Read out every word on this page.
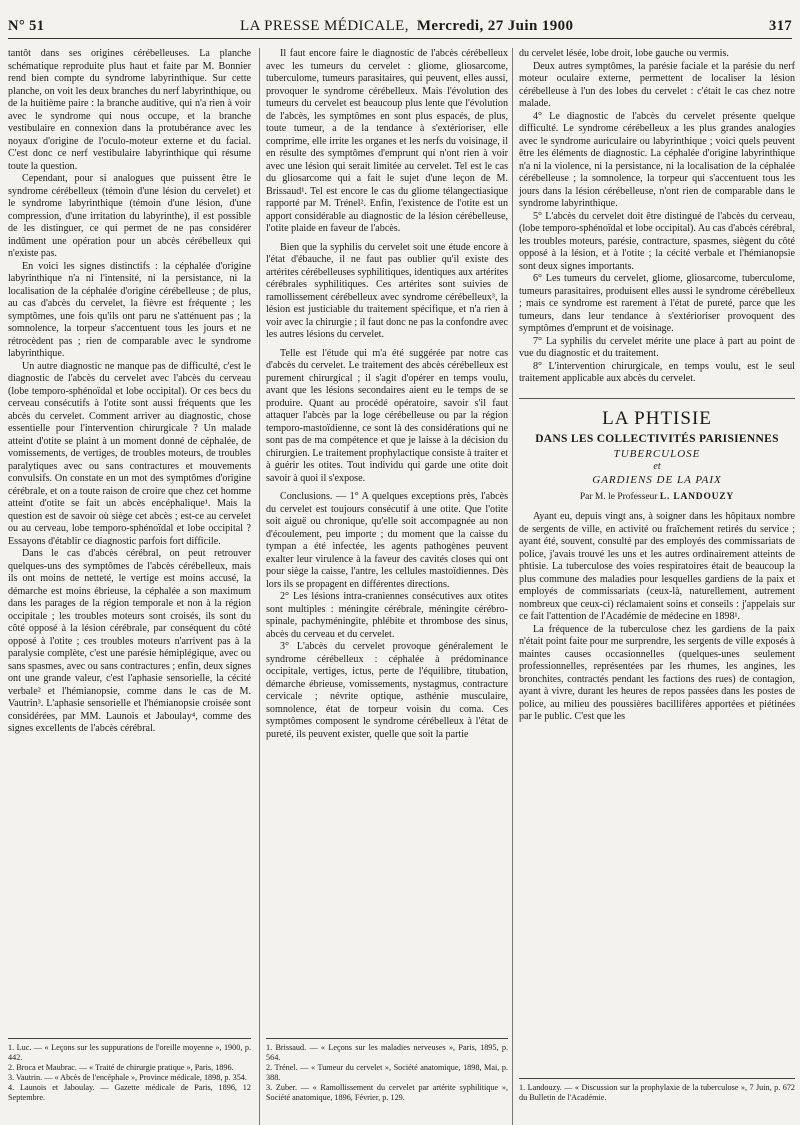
N° 51	LA PRESSE MÉDICALE, Mercredi, 27 Juin 1900	317

tantôt dans ses origines cérébelleuses. La planche schématique reproduite plus haut et faite par M. Bonnier rend bien compte du syndrome labyrinthique. Sur cette planche, on voit les deux branches du nerf labyrinthique, ou de la huitième paire : la branche auditive, qui n'a rien à voir avec le syndrome qui nous occupe, et la branche vestibulaire en connexion dans la protubérance avec les noyaux d'origine de l'oculo-moteur externe et du facial. C'est donc ce nerf vestibulaire labyrinthique qui résume toute la question.

Cependant, pour si analogues que puissent être le syndrome cérébelleux (témoin d'une lésion du cervelet) et le syndrome labyrinthique (témoin d'une lésion, d'une compression, d'une irritation du labyrinthe), il est possible de les distinguer, ce qui permet de ne pas considérer indûment une opération pour un abcès cérébelleux qui n'existe pas.

En voici les signes distinctifs : la céphalée d'origine labyrinthique n'a ni l'intensité, ni la persistance, ni la localisation de la céphalée d'origine cérébelleuse ; de plus, au cas d'abcès du cervelet, la fièvre est fréquente ; les symptômes, une fois qu'ils ont paru ne s'atténuent pas ; la somnolence, la torpeur s'accentuent tous les jours et ne rétrocèdent pas ; rien de comparable avec le syndrome labyrinthique.

Un autre diagnostic ne manque pas de difficulté, c'est le diagnostic de l'abcès du cervelet avec l'abcès du cerveau (lobe temporo-sphénoïdal et lobe occipital). Or ces becs du cerveau consécutifs à l'otite sont aussi fréquents que les abcès du cervelet. Comment arriver au diagnostic, chose essentielle pour l'intervention chirurgicale ? Un malade atteint d'otite se plaint à un moment donné de céphalée, de vomissements, de vertiges, de troubles moteurs, de troubles paralytiques avec ou sans contractures et mouvements convulsifs. On constate en un mot des symptômes d'origine cérébrale, et on a toute raison de croire que chez cet homme atteint d'otite se fait un abcès encéphalique¹. Mais la question est de savoir où siège cet abcès ; est-ce au cervelet ou au cerveau, lobe temporo-sphénoïdal et lobe occipital ? Essayons d'établir ce diagnostic parfois fort difficile.

Dans le cas d'abcès cérébral, on peut retrouver quelques-uns des symptômes de l'abcès cérébelleux, mais ils ont moins de netteté, le vertige est moins accusé, la démarche est moins ébrieuse, la céphalée a son maximum dans les parages de la région temporale et non à la région occipitale ; les troubles moteurs sont croisés, ils sont du côté opposé à la lésion cérébrale, par conséquent du côté opposé à l'otite ; ces troubles moteurs n'arrivent pas à la paralysie complète, c'est une parésie hémiplégique, avec ou sans spasmes, avec ou sans contractures ; enfin, deux signes ont une grande valeur, c'est l'aphasie sensorielle, la cécité verbale² et l'hémianopsie, comme dans le cas de M. Vautrin³. L'aphasie sensorielle et l'hémianopsie croisée sont considérées, par MM. Launois et Jaboulay⁴, comme des signes excellents de l'abcès cérébral.

1. Luc. — « Leçons sur les suppurations de l'oreille moyenne », 1900, p. 442.

2. Broca et Maubrac. — « Traité de chirurgie pratique », Paris, 1896.

3. Vautrin. — « Abcès de l'encéphale », Province médicale, 1898, p. 354.

4. Launois et Jaboulay. — Gazette médicale de Paris, 1896, 12 Septembre.

Il faut encore faire le diagnostic de l'abcès cérébelleux avec les tumeurs du cervelet : gliome, gliosarcome, tuberculome, tumeurs parasitaires, qui peuvent, elles aussi, provoquer le syndrome cérébelleux. Mais l'évolution des tumeurs du cervelet est beaucoup plus lente que l'évolution de l'abcès, les symptômes en sont plus espacés, de plus, toute tumeur, a de la tendance à s'extérioriser, elle comprime, elle irrite les organes et les nerfs du voisinage, il en résulte des symptômes d'emprunt qui n'ont rien à voir avec une lésion qui serait limitée au cervelet. Tel est le cas du gliosarcome qui a fait le sujet d'une leçon de M. Brissaud¹. Tel est encore le cas du gliome télangectiasique rapporté par M. Trénel². Enfin, l'existence de l'otite est un apport considérable au diagnostic de la lésion cérébelleuse, l'otite plaide en faveur de l'abcès.

Bien que la syphilis du cervelet soit une étude encore à l'état d'ébauche, il ne faut pas oublier qu'il existe des artérites cérébelleuses syphilitiques, identiques aux artérites cérébrales syphilitiques. Ces artérites sont suivies de ramollissement cérébelleux avec syndrome cérébelleux³, la lésion est justiciable du traitement spécifique, et n'a rien à voir avec la chirurgie ; il faut donc ne pas la confondre avec les autres lésions du cervelet.

Telle est l'étude qui m'a été suggérée par notre cas d'abcès du cervelet. Le traitement des abcès cérébelleux est purement chirurgical ; il s'agit d'opérer en temps voulu, avant que les lésions secondaires aient eu le temps de se produire. Quant au procédé opératoire, savoir s'il faut attaquer l'abcès par la loge cérébelleuse ou par la région temporo-mastoïdienne, ce sont là des considérations qui ne sont pas de ma compétence et que je laisse à la décision du chirurgien. Le traitement prophylactique consiste à traiter et à guérir les otites. Tout individu qui garde une otite doit savoir à quoi il s'expose.

Conclusions. — 1° A quelques exceptions près, l'abcès du cervelet est toujours consécutif à une otite. Que l'otite soit aiguë ou chronique, qu'elle soit accompagnée au non d'écoulement, peu importe ; du moment que la caisse du tympan a été infectée, les agents pathogènes peuvent exalter leur virulence à la faveur des cavités closes qui ont pour siège la caisse, l'antre, les cellules mastoïdiennes. Dès lors ils se propagent en différentes directions.

2° Les lésions intra-craniennes consécutives aux otites sont multiples : méningite cérébrale, méningite cérébro-spinale, pachyméningite, phlébite et thrombose des sinus, abcès du cerveau et du cervelet.

3° L'abcès du cervelet provoque généralement le syndrome cérébelleux : céphalée à prédominance occipitale, vertiges, ictus, perte de l'équilibre, titubation, démarche ébrieuse, vomissements, nystagmus, contracture cervicale ; névrite optique, asthénie musculaire, somnolence, état de torpeur voisin du coma. Ces symptômes composent le syndrome cérébelleux à l'état de pureté, ils peuvent exister, quelle que soit la partie

1. Brissaud. — « Leçons sur les maladies nerveuses », Paris, 1895, p. 564.

2. Trénel. — « Tumeur du cervelet », Société anatomique, 1898, Mai, p. 388.

3. Zuber. — « Ramollissement du cervelet par artérite syphilitique », Société anatomique, 1896, Février, p. 129.

du cervelet lésée, lobe droit, lobe gauche ou vermis.

Deux autres symptômes, la parésie faciale et la parésie du nerf moteur oculaire externe, permettent de localiser la lésion cérébelleuse à l'un des lobes du cervelet : c'était le cas chez notre malade.

4° Le diagnostic de l'abcès du cervelet présente quelque difficulté. Le syndrome cérébelleux a les plus grandes analogies avec le syndrome auriculaire ou labyrinthique ; voici quels peuvent être les éléments de diagnostic. La céphalée d'origine labyrinthique n'a ni la violence, ni la persistance, ni la localisation de la céphalée cérébelleuse ; la somnolence, la torpeur qui s'accentuent tous les jours dans la lésion cérébelleuse, n'ont rien de comparable dans le syndrome labyrinthique.

5° L'abcès du cervelet doit être distingué de l'abcès du cerveau, (lobe temporo-sphénoïdal et lobe occipital). Au cas d'abcès cérébral, les troubles moteurs, parésie, contracture, spasmes, siègent du côté opposé à la lésion, et à l'otite ; la cécité verbale et l'hémianopsie sont deux signes importants.

6° Les tumeurs du cervelet, gliome, gliosarcome, tuberculome, tumeurs parasitaires, produisent elles aussi le syndrome cérébelleux ; mais ce syndrome est rarement à l'état de pureté, parce que les tumeurs, dans leur tendance à s'extérioriser provoquent des symptômes d'emprunt et de voisinage.

7° La syphilis du cervelet mérite une place à part au point de vue du diagnostic et du traitement.

8° L'intervention chirurgicale, en temps voulu, est le seul traitement applicable aux abcès du cervelet.

LA PHTISIE
DANS LES COLLECTIVITÉS PARISIENNES
TUBERCULOSE
et
GARDIENS DE LA PAIX
Par M. le Professeur L. LANDOUZY

Ayant eu, depuis vingt ans, à soigner dans les hôpitaux nombre de sergents de ville, en activité ou fraîchement retirés du service ; ayant été, souvent, consulté par des employés des commissariats de police, j'avais trouvé les uns et les autres ordinairement atteints de phtisie. La tuberculose des voies respiratoires était de beaucoup la plus commune des maladies pour lesquelles gardiens de la paix et employés de commissariats (ceux-là, naturellement, autrement nombreux que ceux-ci) réclamaient soins et conseils : j'appelais sur ce fait l'attention de l'Académie de médecine en 1898¹.

La fréquence de la tuberculose chez les gardiens de la paix n'était point faite pour me surprendre, les sergents de ville exposés à maintes causes occasionnelles (quelques-unes seulement professionnelles, représentées par les rhumes, les angines, les bronchites, contractés pendant les factions des rues) de contagion, ayant à vivre, durant les heures de repos passées dans les postes de police, au milieu des poussières bacillifères apportées et piétinées par le public. C'est que les

1. Landouzy. — « Discussion sur la prophylaxie de la tuberculose », 7 Juin, p. 672 du Bulletin de l'Académie.
